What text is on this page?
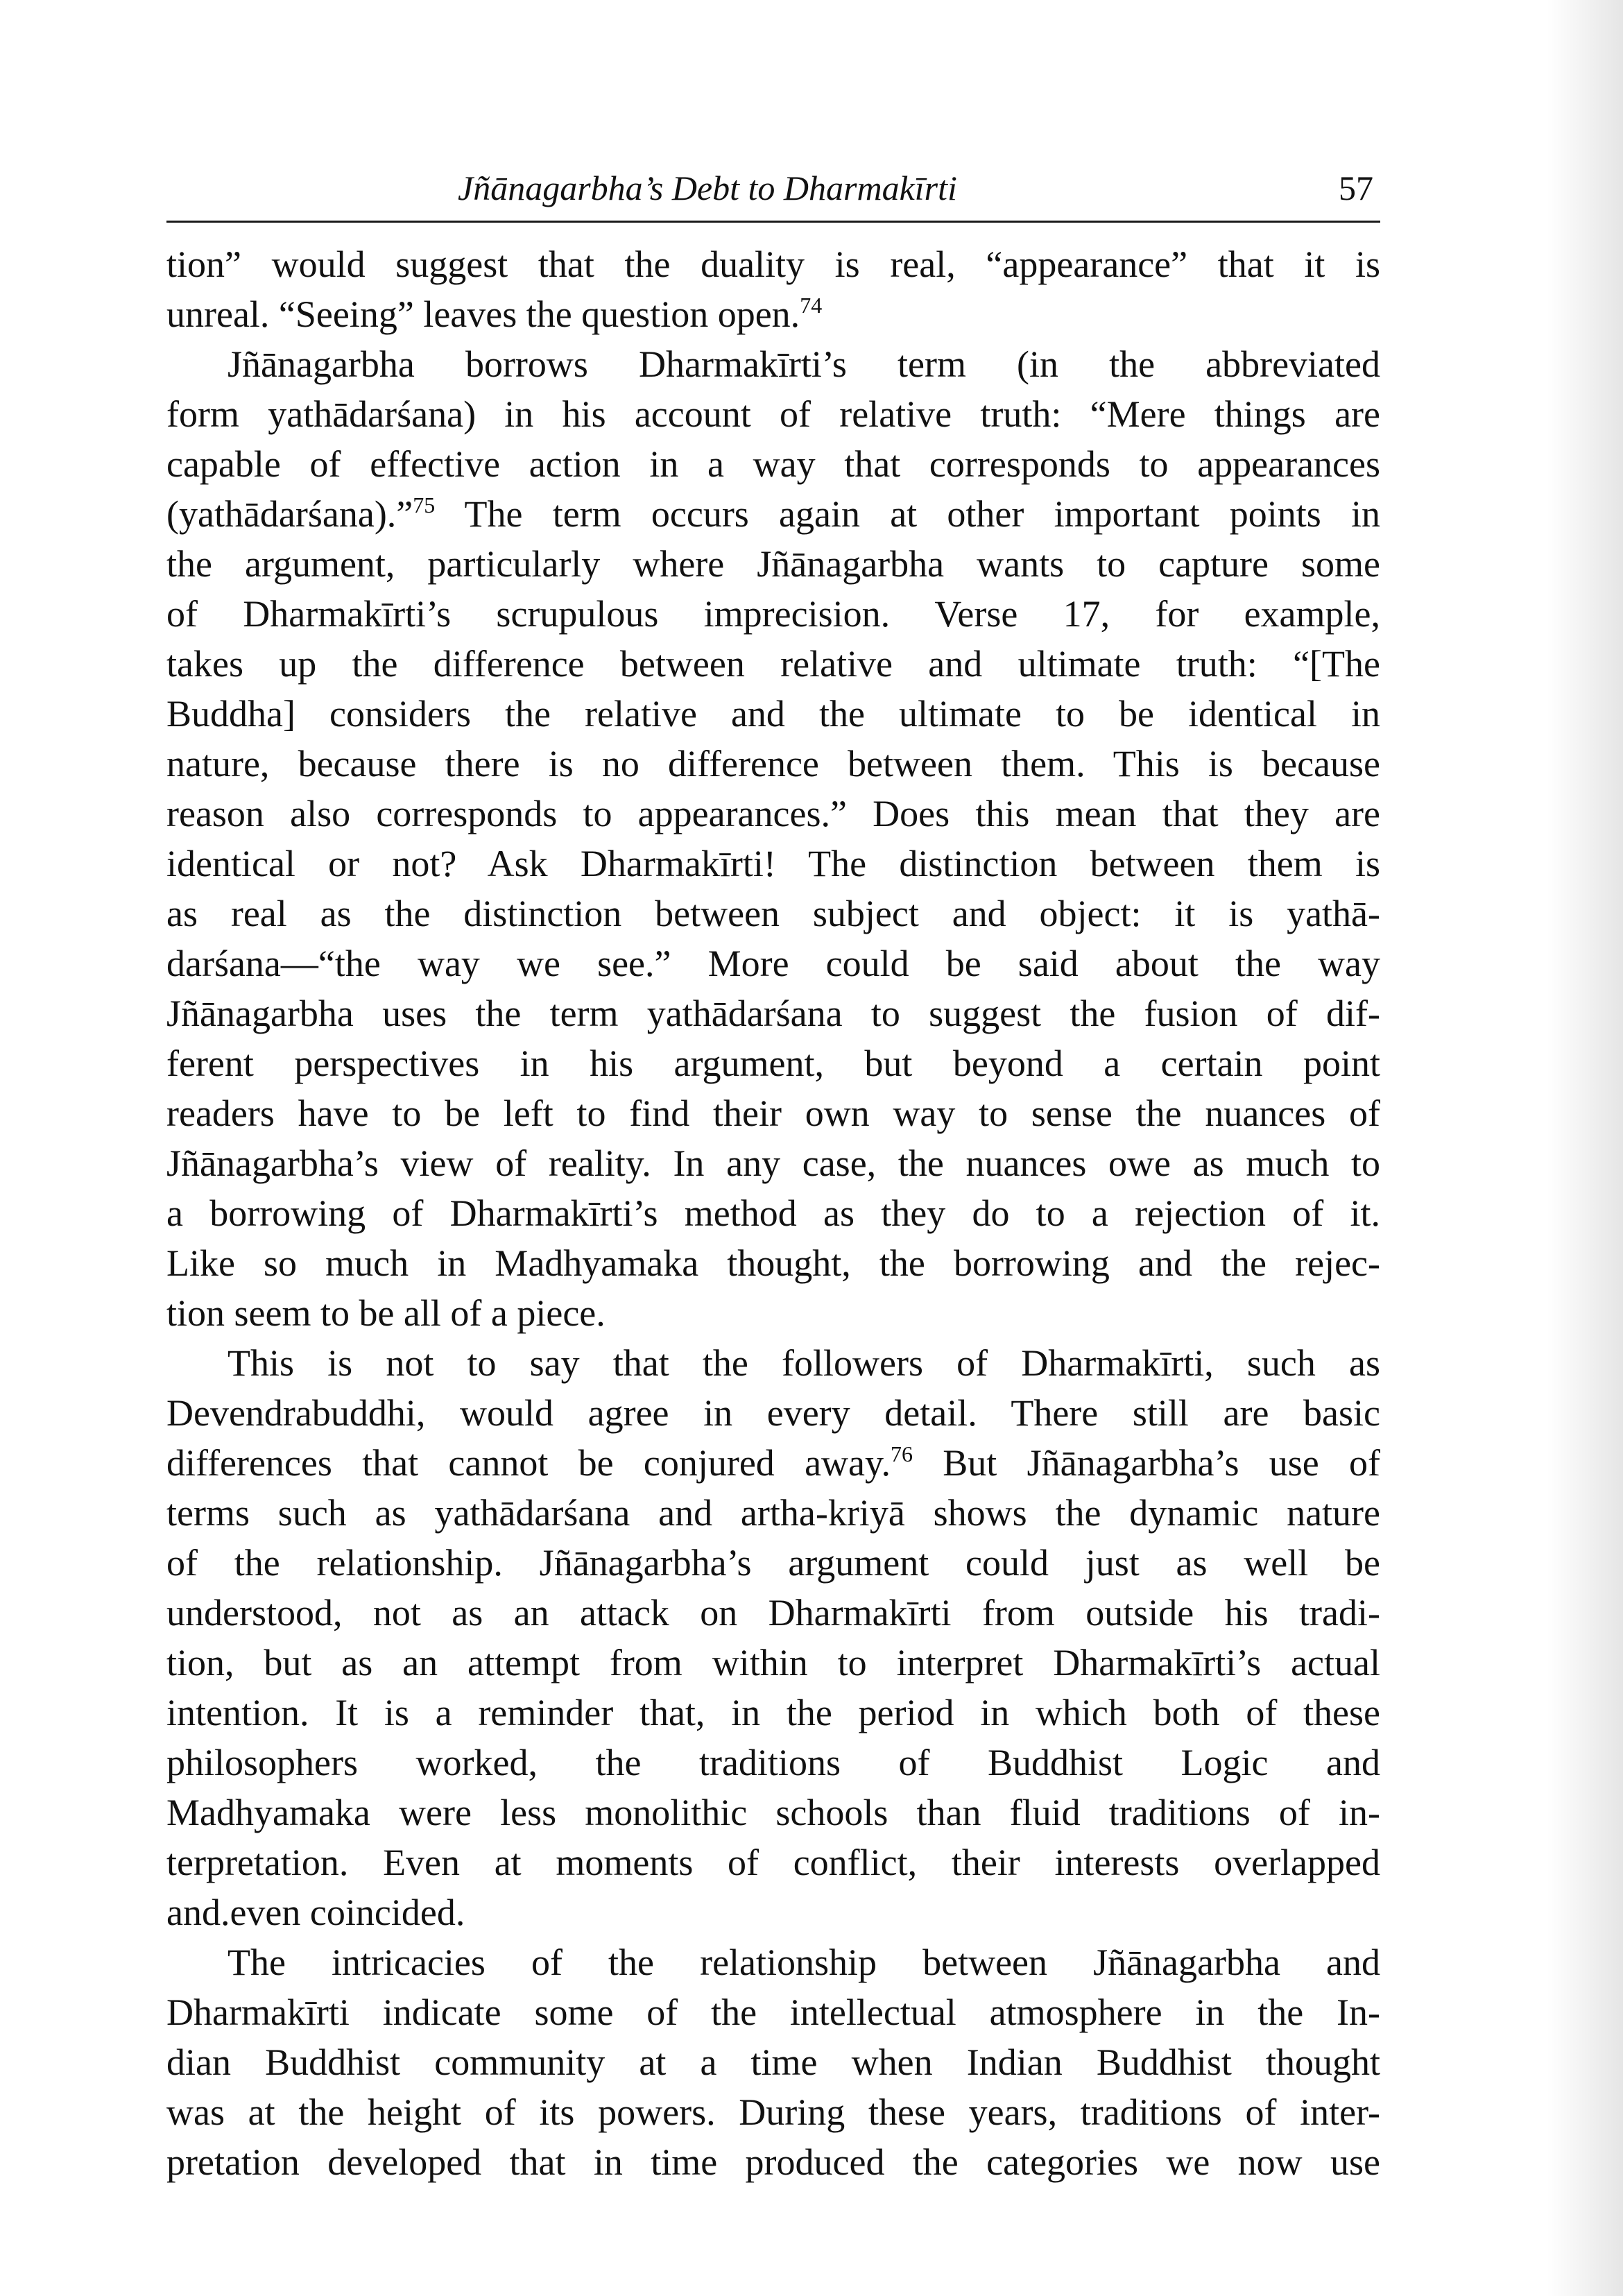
Jñānagarbha’s Debt to Dharmakīrti	57
tion” would suggest that the duality is real, “appearance” that it is
unreal. “Seeing” leaves the question open.$^{74}$
Jñānagarbha borrows Dharmakīrti’s term (in the abbreviated
form yathādarśana) in his account of relative truth: “Mere things are
capable of effective action in a way that corresponds to appearances
(yathādarśana).”$^{75}$ The term occurs again at other important points in
the argument, particularly where Jñānagarbha wants to capture some
of Dharmakīrti’s scrupulous imprecision. Verse 17, for example,
takes up the difference between relative and ultimate truth: “[The
Buddha] considers the relative and the ultimate to be identical in
nature, because there is no difference between them. This is because
reason also corresponds to appearances.” Does this mean that they are
identical or not? Ask Dharmakīrti! The distinction between them is
as real as the distinction between subject and object: it is yathā-
darśana—“the way we see.” More could be said about the way
Jñānagarbha uses the term yathādarśana to suggest the fusion of dif-
ferent perspectives in his argument, but beyond a certain point
readers have to be left to find their own way to sense the nuances of
Jñānagarbha’s view of reality. In any case, the nuances owe as much to
a borrowing of Dharmakīrti’s method as they do to a rejection of it.
Like so much in Madhyamaka thought, the borrowing and the rejec-
tion seem to be all of a piece.
This is not to say that the followers of Dharmakīrti, such as
Devendrabuddhi, would agree in every detail. There still are basic
differences that cannot be conjured away.$^{76}$ But Jñānagarbha’s use of
terms such as yathādarśana and artha-kriyā shows the dynamic nature
of the relationship. Jñānagarbha’s argument could just as well be
understood, not as an attack on Dharmakīrti from outside his tradi-
tion, but as an attempt from within to interpret Dharmakīrti’s actual
intention. It is a reminder that, in the period in which both of these
philosophers worked, the traditions of Buddhist Logic and
Madhyamaka were less monolithic schools than fluid traditions of in-
terpretation. Even at moments of conflict, their interests overlapped
and.even coincided.
The intricacies of the relationship between Jñānagarbha and
Dharmakīrti indicate some of the intellectual atmosphere in the In-
dian Buddhist community at a time when Indian Buddhist thought
was at the height of its powers. During these years, traditions of inter-
pretation developed that in time produced the categories we now use
